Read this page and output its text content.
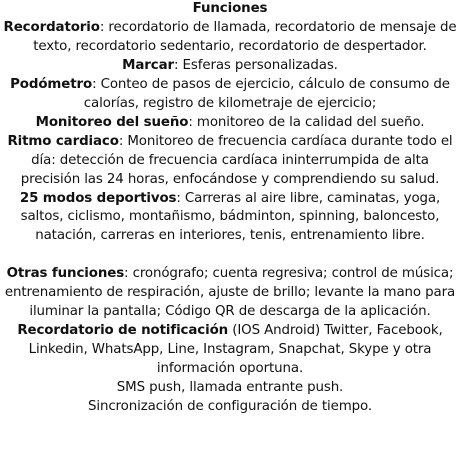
Funciones

Recordatorio: recordatorio de llamada, recordatorio de mensaje de texto, recordatorio sedentario, recordatorio de despertador.

Marcar: Esferas personalizadas.

Podómetro: Conteo de pasos de ejercicio, cálculo de consumo de calorías, registro de kilometraje de ejercicio;

Monitoreo del sueño: monitoreo de la calidad del sueño.

Ritmo cardiaco: Monitoreo de frecuencia cardíaca durante todo el día: detección de frecuencia cardíaca ininterrumpida de alta precisión las 24 horas, enfocándose y comprendiendo su salud.

25 modos deportivos: Carreras al aire libre, caminatas, yoga, saltos, ciclismo, montañismo, bádminton, spinning, baloncesto, natación, carreras en interiores, tenis, entrenamiento libre.

Otras funciones: cronógrafo; cuenta regresiva; control de música; entrenamiento de respiración, ajuste de brillo; levante la mano para iluminar la pantalla; Código QR de descarga de la aplicación.

Recordatorio de notificación (IOS Android) Twitter, Facebook, Linkedin, WhatsApp, Line, Instagram, Snapchat, Skype y otra información oportuna.

SMS push, llamada entrante push.

Sincronización de configuración de tiempo.
